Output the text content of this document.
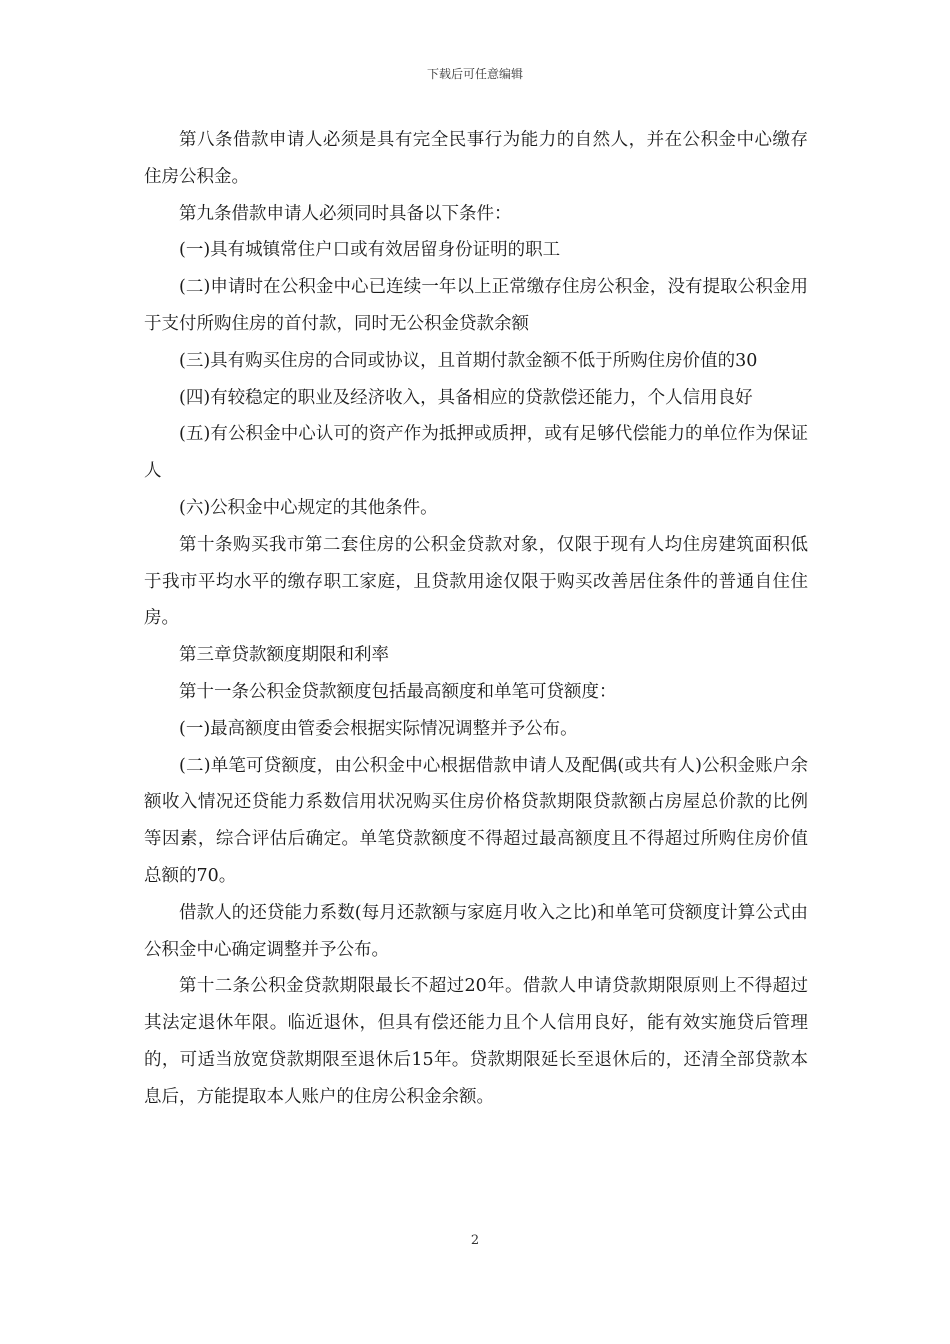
下载后可任意编辑

第八条借款申请人必须是具有完全民事行为能力的自然人，并在公积金中心缴存住房公积金。

第九条借款申请人必须同时具备以下条件：

(一)具有城镇常住户口或有效居留身份证明的职工

(二)申请时在公积金中心已连续一年以上正常缴存住房公积金，没有提取公积金用于支付所购住房的首付款，同时无公积金贷款余额

(三)具有购买住房的合同或协议，且首期付款金额不低于所购住房价值的30

(四)有较稳定的职业及经济收入，具备相应的贷款偿还能力，个人信用良好

(五)有公积金中心认可的资产作为抵押或质押，或有足够代偿能力的单位作为保证人

(六)公积金中心规定的其他条件。

第十条购买我市第二套住房的公积金贷款对象，仅限于现有人均住房建筑面积低于我市平均水平的缴存职工家庭，且贷款用途仅限于购买改善居住条件的普通自住住房。

第三章贷款额度期限和利率

第十一条公积金贷款额度包括最高额度和单笔可贷额度：

(一)最高额度由管委会根据实际情况调整并予公布。

(二)单笔可贷额度，由公积金中心根据借款申请人及配偶(或共有人)公积金账户余额收入情况还贷能力系数信用状况购买住房价格贷款期限贷款额占房屋总价款的比例等因素，综合评估后确定。单笔贷款额度不得超过最高额度且不得超过所购住房价值总额的70。

借款人的还贷能力系数(每月还款额与家庭月收入之比)和单笔可贷额度计算公式由公积金中心确定调整并予公布。

第十二条公积金贷款期限最长不超过20年。借款人申请贷款期限原则上不得超过其法定退休年限。临近退休，但具有偿还能力且个人信用良好，能有效实施贷后管理的，可适当放宽贷款期限至退休后15年。贷款期限延长至退休后的，还清全部贷款本息后，方能提取本人账户的住房公积金余额。

2
